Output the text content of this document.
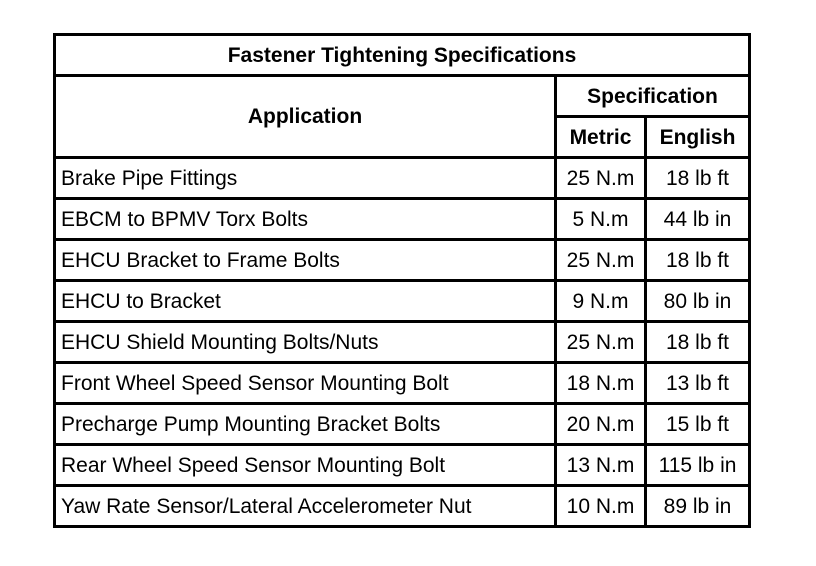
Fastener Tightening Specifications		
Application	Specification	
	Metric	English
Brake Pipe Fittings	25 N.m	18 lb ft
EBCM to BPMV Torx Bolts	5 N.m	44 lb in
EHCU Bracket to Frame Bolts	25 N.m	18 lb ft
EHCU to Bracket	9 N.m	80 lb in
EHCU Shield Mounting Bolts/Nuts	25 N.m	18 lb ft
Front Wheel Speed Sensor Mounting Bolt	18 N.m	13 lb ft
Precharge Pump Mounting Bracket Bolts	20 N.m	15 lb ft
Rear Wheel Speed Sensor Mounting Bolt	13 N.m	115 lb in
Yaw Rate Sensor/Lateral Accelerometer Nut	10 N.m	89 lb in
